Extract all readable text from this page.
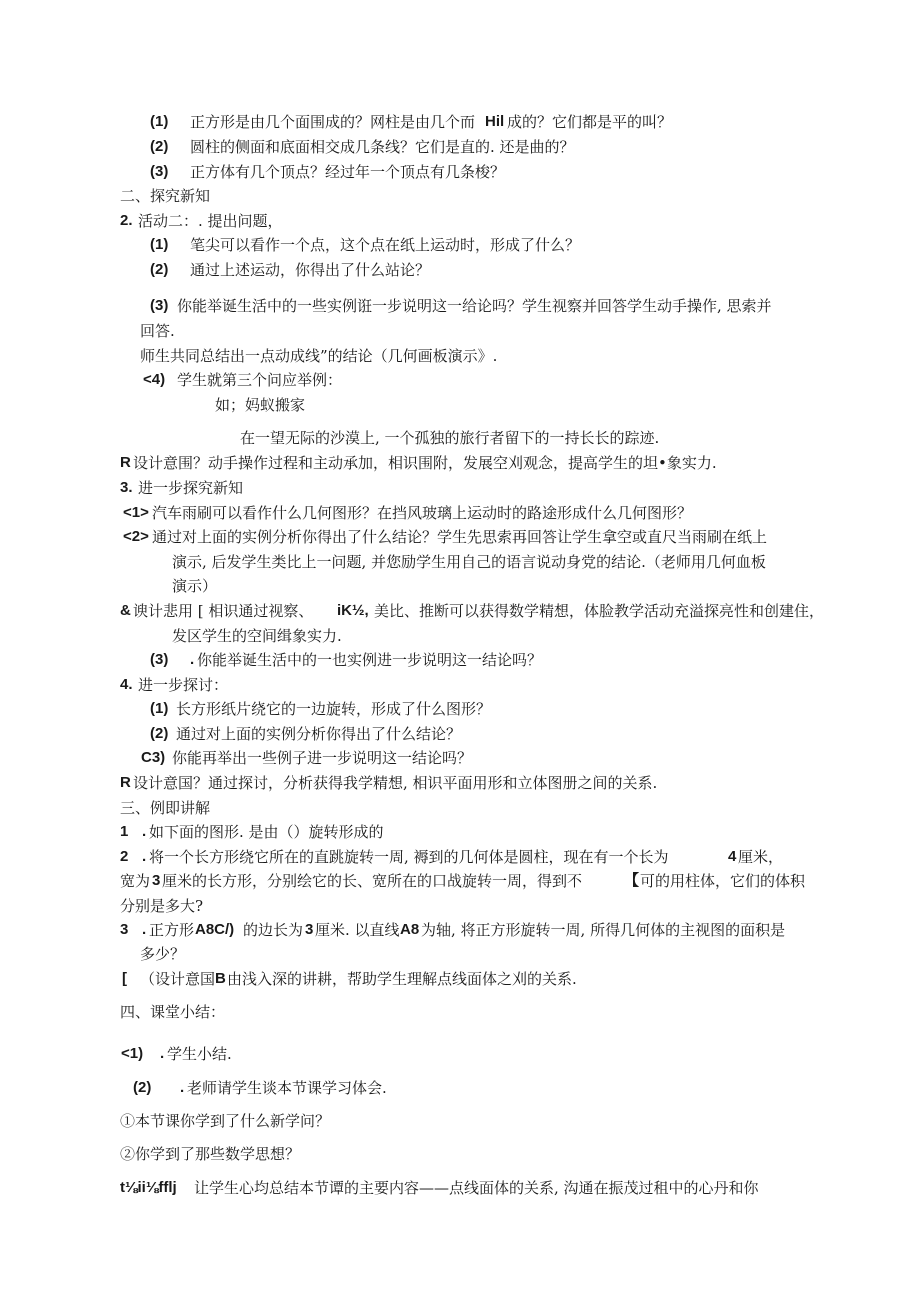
(1) 正方形是由几个面围成的？网柱是由几个而 Hil 成的？它们都是平的叫？
(2) 圆柱的侧面和底面相交成几条线？它们是直的. 还是曲的？
(3) 正方体有几个顶点？经过年一个顶点有几条梭？
二、探究新知
2. 活动二：. 提出问题，
(1) 笔尖可以看作一个点，这个点在纸上运动时，形成了什么？
(2) 通过上述运动，你得出了什么站论？
(3) 你能举诞生活中的一些实例诳一步说明这一给论吗？学生视察并回答学生动手操作, 思索并
回答.
师生共同总结出一点动成线”的结论（几何画板演示》.
<4) 学生就第三个问应举例：
如；妈蚁搬家
在一望无际的沙漠上, 一个孤独的旅行者留下的一持长长的踪迹.
R 设计意围？动手操作过程和主动承加，相识围附，发展空刈观念，提高学生的坦•象实力.
3. 进一步探究新知
<1> 汽车雨刷可以看作什么几何图形？在挡风玻璃上运动时的路途形成什么几何图形？
<2> 通过对上面的实例分析你得出了什么结论？学生先思索再回答让学生拿空或直尺当雨刷在纸上
演示, 后发学生类比上一问题, 并您励学生用自己的语言说动身党的结论.（老师用几何血板
演示）
& 谀计悲用 [ 相识通过视察、 iK½, 美比、推断可以获得数学精想，体脸教学活动充溢探亮性和创建住，
发区学生的空间缉象实力.
(3) . 你能举诞生活中的一也实例进一步说明这一结论吗？
4. 进一步探讨：
(1) 长方形纸片绕它的一边旋转，形成了什么图形？
(2) 通过对上面的实例分析你得出了什么结论？
C3) 你能再举出一些例子进一步说明这一结论吗？
R 设计意国？通过探讨，分析获得我学精想, 相识平面用形和立体图册之间的关系.
三、例即讲解
1 . 如下面的图形. 是由（）旋转形成的
2 . 将一个长方形绕它所在的直跳旋转一周, 褥到的几何体是圆柱，现在有一个长为	4 厘米，
宽为 3 厘米的长方形，分别绘它的长、宽所在的口战旋转一周，得到不	【 可的用柱体，它们的体积
分别是多大?
3 . 正方形 A8C/) 的边长为 3 厘米. 以直线 A8 为轴, 将正方形旋转一周, 所得几何体的主视图的面积是
多少？
[ （设计意国 B 由浅入深的讲耕，帮助学生理解点线面体之刈的关系.
四、课堂小结：
<1) . 学生小结.
(2) . 老师请学生谈本节课学习体会.
①本节课你学到了什么新学问？
②你学到了那些数学思想？
t⅛ii⅛fflj 让学生心均总结本节谭的主要内容——点线面体的关系, 沟通在振茂过租中的心丹和你
